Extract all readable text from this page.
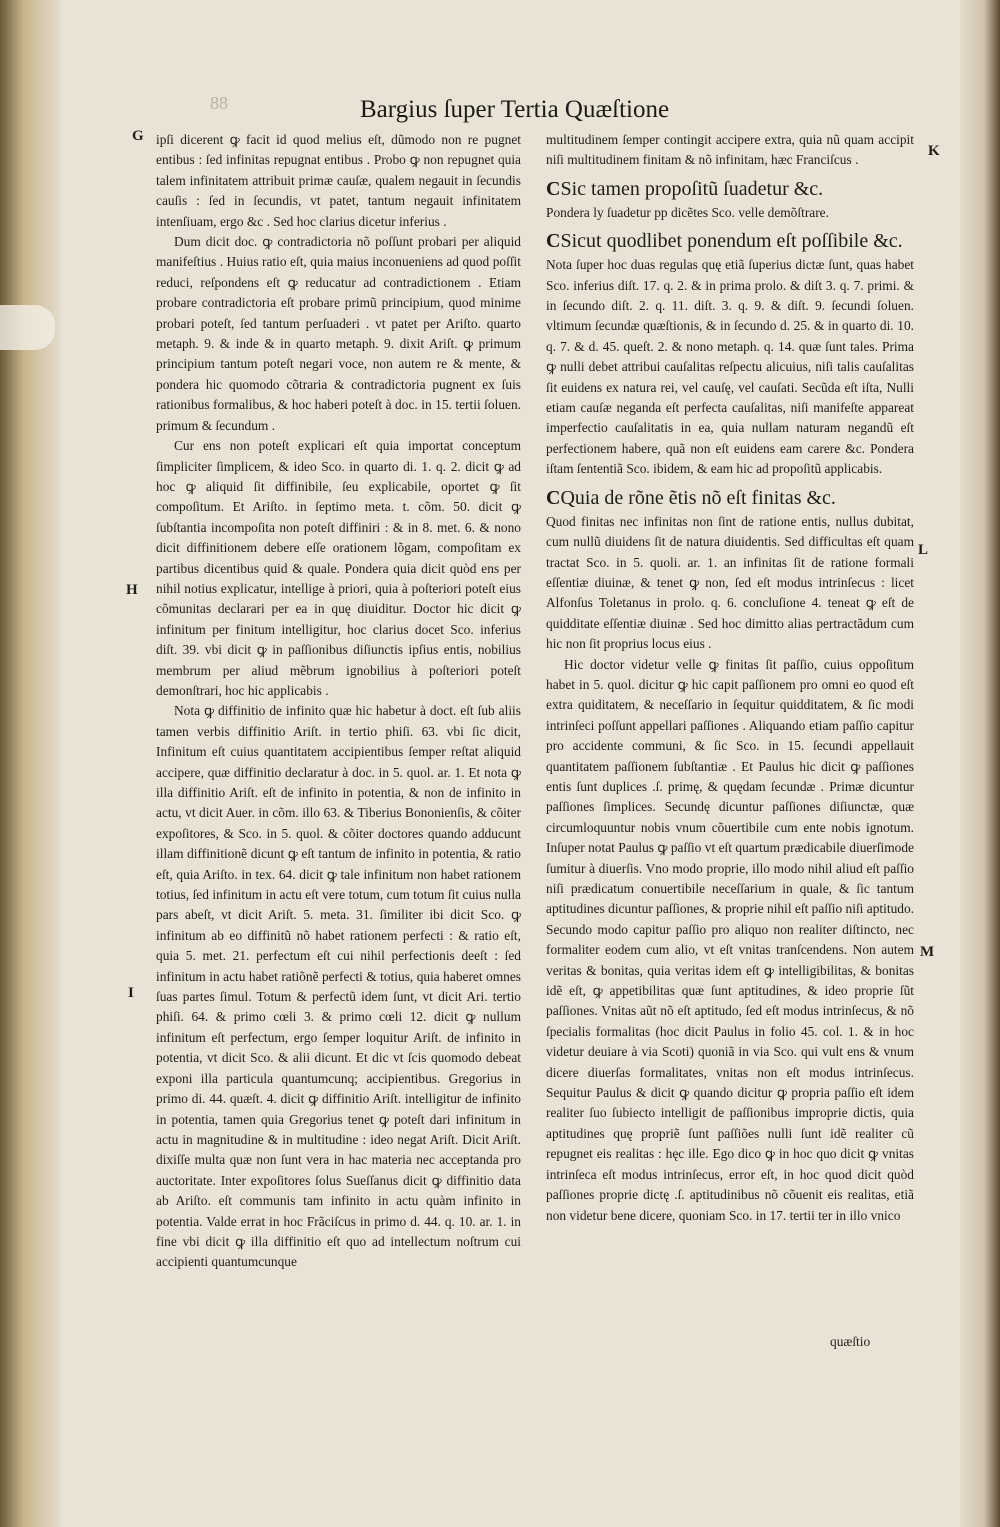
88	Bargius ſuper Tertia Quæſtione
G
H
I
K
L
M

ipſi dicerent ꝙ facit id quod melius eſt, dũmodo non re pugnet entibus : ſed infinitas repugnat entibus . Probo ꝙ non repugnet quia talem infinitatem attribuit primæ cauſæ, qualem negauit in ſecundis cauſis : ſed in ſecundis, vt patet, tantum negauit infinitatem intenſiuam, ergo &c . Sed hoc clarius dicetur inferius .

Dum dicit doc. ꝙ contradictoria nõ poſſunt probari per aliquid manifeſtius . Huius ratio eſt, quia maius inconueniens ad quod poſſit reduci, reſpondens eſt ꝙ reducatur ad contradictionem . Etiam probare contradictoria eſt probare primũ principium, quod minime probari poteſt, ſed tantum perſuaderi . vt patet per Ariſto. quarto metaph. 9. & inde & in quarto metaph. 9. dixit Ariſt. ꝙ primum principium tantum poteſt negari voce, non autem re & mente, & pondera hic quomodo cõtraria & contradictoria pugnent ex ſuis rationibus formalibus, & hoc haberi poteſt à doc. in 15. tertii ſoluen. primum & ſecundum .

Cur ens non poteſt explicari eſt quia importat conceptum ſimpliciter ſimplicem, & ideo Sco. in quarto di. 1. q. 2. dicit ꝙ ad hoc ꝙ aliquid ſit diffinibile, ſeu explicabile, oportet ꝙ ſit compoſitum. Et Ariſto. in ſeptimo meta. t. cõm. 50. dicit ꝙ ſubſtantia incompoſita non poteſt diffiniri : & in 8. met. 6. & nono dicit diffinitionem debere eſſe orationem lõgam, compoſitam ex partibus dicentibus quid & quale. Pondera quia dicit quòd ens per nihil notius explicatur, intellige à priori, quia à poſteriori poteſt eius cõmunitas declarari per ea in quę diuiditur. Doctor hic dicit ꝙ infinitum per finitum intelligitur, hoc clarius docet Sco. inferius diſt. 39. vbi dicit ꝙ in paſſionibus diſiunctis ipſius entis, nobilius membrum per aliud mẽbrum ignobilius à poſteriori poteſt demonſtrari, hoc hic applicabis .

Nota ꝙ diffinitio de infinito quæ hic habetur à doct. eſt ſub aliis tamen verbis diffinitio Ariſt. in tertio phiſi. 63. vbi ſic dicit, Infinitum eſt cuius quantitatem accipientibus ſemper reſtat aliquid accipere, quæ diffinitio declaratur à doc. in 5. quol. ar. 1. Et nota ꝙ illa diffinitio Ariſt. eſt de infinito in potentia, & non de infinito in actu, vt dicit Auer. in cõm. illo 63. & Tiberius Bononienſis, & cõiter expoſitores, & Sco. in 5. quol. & cõiter doctores quando adducunt illam diffinitionẽ dicunt ꝙ eſt tantum de infinito in potentia, & ratio eſt, quia Ariſto. in tex. 64. dicit ꝙ tale infinitum non habet rationem totius, ſed infinitum in actu eſt vere totum, cum totum ſit cuius nulla pars abeſt, vt dicit Ariſt. 5. meta. 31. ſimiliter ibi dicit Sco. ꝙ infinitum ab eo diffinitũ nõ habet rationem perfecti : & ratio eſt, quia 5. met. 21. perfectum eſt cui nihil perfectionis deeſt : ſed infinitum in actu habet ratiõnẽ perfecti & totius, quia haberet omnes ſuas partes ſimul. Totum & perfectũ idem ſunt, vt dicit Ari. tertio phiſi. 64. & primo cœli 3. & primo cœli 12. dicit ꝙ nullum infinitum eſt perfectum, ergo ſemper loquitur Ariſt. de infinito in potentia, vt dicit Sco. & alii dicunt. Et dic vt ſcis quomodo debeat exponi illa particula quantumcunq; accipientibus. Gregorius in primo di. 44. quæſt. 4. dicit ꝙ diffinitio Ariſt. intelligitur de infinito in potentia, tamen quia Gregorius tenet ꝙ poteſt dari infinitum in actu in magnitudine & in multitudine : ideo negat Ariſt. Dicit Ariſt. dixiſſe multa quæ non ſunt vera in hac materia nec acceptanda pro auctoritate. Inter expoſitores ſolus Sueſſanus dicit ꝙ diffinitio data ab Ariſto. eſt communis tam infinito in actu quàm infinito in potentia. Valde errat in hoc Frãciſcus in primo d. 44. q. 10. ar. 1. in fine vbi dicit ꝙ illa diffinitio eſt quo ad intellectum noſtrum cui accipienti quantumcunque

multitudinem ſemper contingit accipere extra, quia nũ quam accipit niſi multitudinem finitam & nõ infinitam, hæc Franciſcus .

CSic tamen propoſitũ ſuadetur &c.

Pondera ly ſuadetur pp dicẽtes Sco. velle demõſtrare.

CSicut quodlibet ponendum eſt poſſibile &c.

Nota ſuper hoc duas regulas quę etiã ſuperius dictæ ſunt, quas habet Sco. inferius diſt. 17. q. 2. & in prima prolo. & diſt 3. q. 7. primi. & in ſecundo diſt. 2. q. 11. diſt. 3. q. 9. & diſt. 9. ſecundi ſoluen. vltimum ſecundæ quæſtionis, & in ſecundo d. 25. & in quarto di. 10. q. 7. & d. 45. queſt. 2. & nono metaph. q. 14. quæ ſunt tales. Prima ꝙ nulli debet attribui cauſalitas reſpectu alicuius, niſi talis cauſalitas ſit euidens ex natura rei, vel cauſę, vel cauſati. Secũda eſt iſta, Nulli etiam cauſæ neganda eſt perfecta cauſalitas, niſi manifeſte appareat imperfectio cauſalitatis in ea, quia nullam naturam negandũ eſt perfectionem habere, quã non eſt euidens eam carere &c. Pondera iſtam ſententiã Sco. ibidem, & eam hic ad propoſitũ applicabis.

CQuia de rõne ẽtis nõ eſt finitas &c.

Quod finitas nec infinitas non ſint de ratione entis, nullus dubitat, cum nullũ diuidens ſit de natura diuidentis. Sed difficultas eſt quam tractat Sco. in 5. quoli. ar. 1. an infinitas ſit de ratione formali eſſentiæ diuinæ, & tenet ꝙ non, ſed eſt modus intrinſecus : licet Alfonſus Toletanus in prolo. q. 6. concluſione 4. teneat ꝙ eſt de quidditate eſſentiæ diuinæ . Sed hoc dimitto alias pertractãdum cum hic non ſit proprius locus eius .

Hic doctor videtur velle ꝙ finitas ſit paſſio, cuius oppoſitum habet in 5. quol. dicitur ꝙ hic capit paſſionem pro omni eo quod eſt extra quiditatem, & neceſſario in ſequitur quidditatem, & ſic modi intrinſeci poſſunt appellari paſſiones . Aliquando etiam paſſio capitur pro accidente communi, & ſic Sco. in 15. ſecundi appellauit quantitatem paſſionem ſubſtantiæ . Et Paulus hic dicit ꝙ paſſiones entis ſunt duplices .ſ. primę, & quędam ſecundæ . Primæ dicuntur paſſiones ſimplices. Secundę dicuntur paſſiones diſiunctæ, quæ circumloquuntur nobis vnum cõuertibile cum ente nobis ignotum. Inſuper notat Paulus ꝙ paſſio vt eſt quartum prædicabile diuerſimode ſumitur à diuerſis. Vno modo proprie, illo modo nihil aliud eſt paſſio niſi prædicatum conuertibile neceſſarium in quale, & ſic tantum aptitudines dicuntur paſſiones, & proprie nihil eſt paſſio niſi aptitudo. Secundo modo capitur paſſio pro aliquo non realiter diſtincto, nec formaliter eodem cum alio, vt eſt vnitas tranſcendens. Non autem veritas & bonitas, quia veritas idem eſt ꝙ intelligibilitas, & bonitas idẽ eſt, ꝙ appetibilitas quæ ſunt aptitudines, & ideo proprie ſũt paſſiones. Vnitas aũt nõ eſt aptitudo, ſed eſt modus intrinſecus, & nõ ſpecialis formalitas (hoc dicit Paulus in folio 45. col. 1. & in hoc videtur deuiare à via Scoti) quoniã in via Sco. qui vult ens & vnum dicere diuerſas formalitates, vnitas non eſt modus intrinſecus. Sequitur Paulus & dicit ꝙ quando dicitur ꝙ propria paſſio eſt idem realiter ſuo ſubiecto intelligit de paſſionibus improprie dictis, quia aptitudines quę propriẽ ſunt paſſiões nulli ſunt idẽ realiter cũ repugnet eis realitas : hęc ille. Ego dico ꝙ in hoc quo dicit ꝙ vnitas intrinſeca eſt modus intrinſecus, error eſt, in hoc quod dicit quòd paſſiones proprie dictę .ſ. aptitudinibus nõ cõuenit eis realitas, etiã non videtur bene dicere, quoniam Sco. in 17. tertii ter in illo vnico

quæſtio
